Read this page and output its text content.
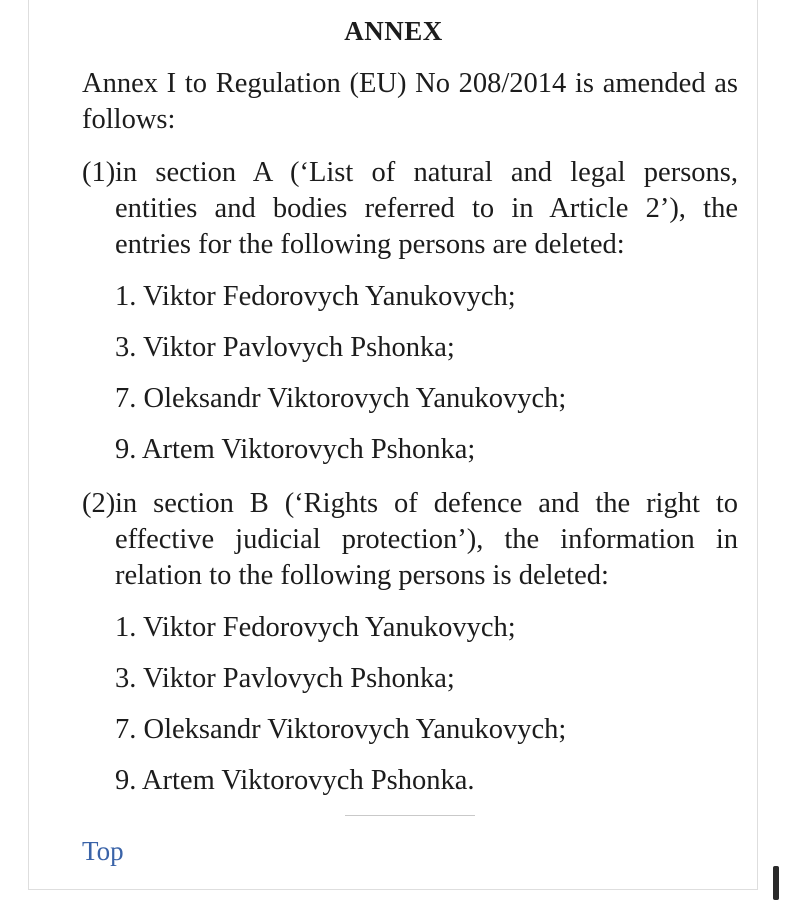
ANNEX
Annex I to Regulation (EU) No 208/2014 is amended as follows:
(1) in section A (‘List of natural and legal persons, entities and bodies referred to in Article 2’), the entries for the following persons are deleted:
1. Viktor Fedorovych Yanukovych;
3. Viktor Pavlovych Pshonka;
7. Oleksandr Viktorovych Yanukovych;
9. Artem Viktorovych Pshonka;
(2) in section B (‘Rights of defence and the right to effective judicial protection’), the information in relation to the following persons is deleted:
1. Viktor Fedorovych Yanukovych;
3. Viktor Pavlovych Pshonka;
7. Oleksandr Viktorovych Yanukovych;
9. Artem Viktorovych Pshonka.
Top
